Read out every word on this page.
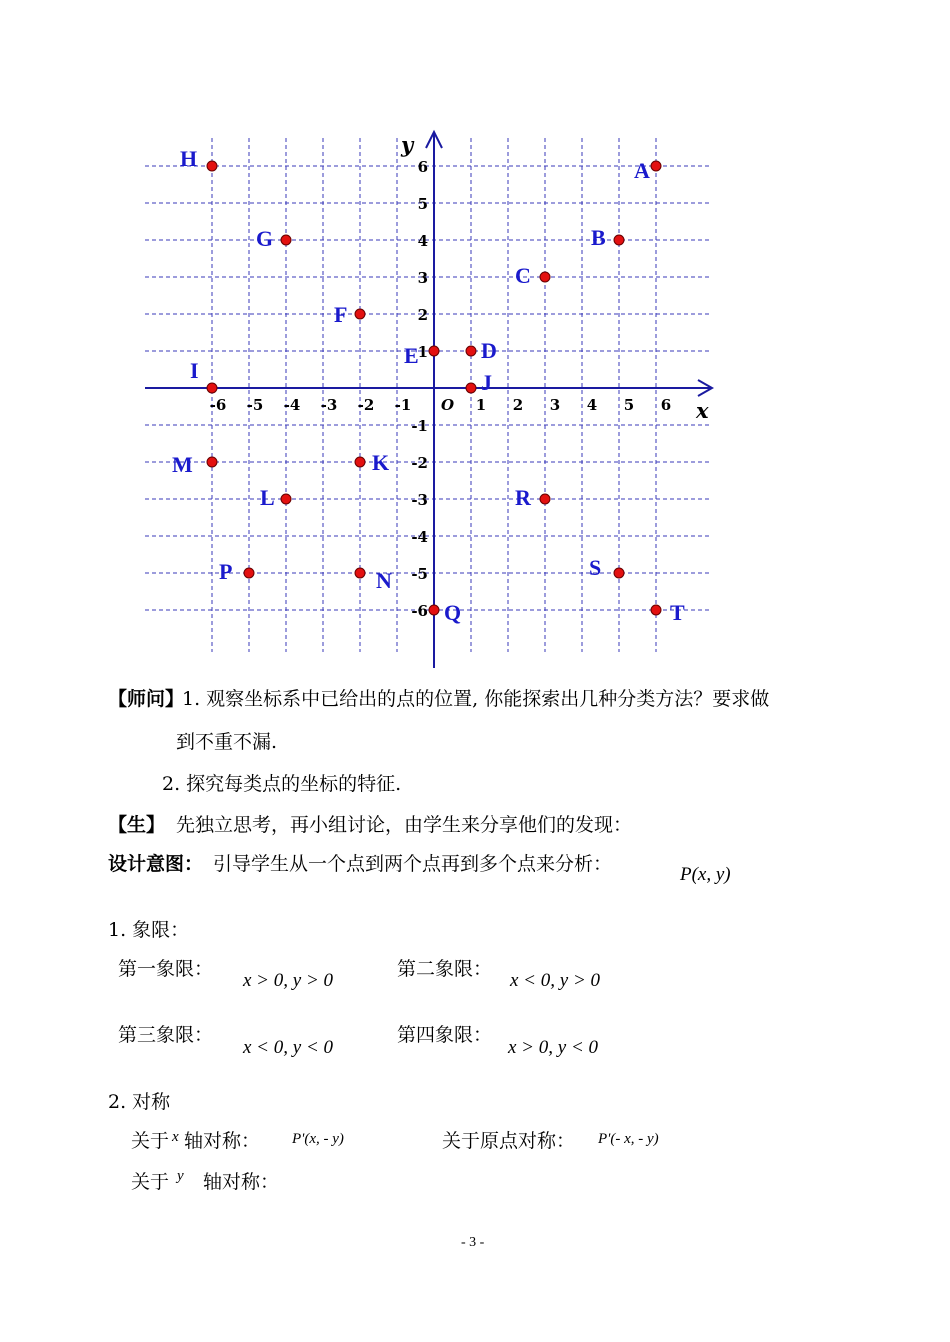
x
y
O
-6 -5 -4 -3 -2 -1	1 2 3 4 5 6
6
5
4
3
2
1
-1
-2
-3
-4
-5
-6
A
B
C
D
E
F
G
H
I	J
K
L
M
N
P
Q
R
S
T
【师问】
1. 观察坐标系中已给出的点的位置, 你能探索出几种分类方法？要求做
到不重不漏.
2. 探究每类点的坐标的特征.
【生】 先独立思考，再小组讨论，由学生来分享他们的发现：
设计意图： 引导学生从一个点到两个点再到多个点来分析：	P(x, y)
1. 象限：
第一象限：
x > 0, y > 0
第二象限：
x < 0, y > 0
第三象限：
x < 0, y < 0
第四象限：
x > 0, y < 0
2. 对称
关于 x 轴对称： P'(x, - y)	关于原点对称： P'(- x, - y)
关于 y 轴对称：
- 3 -
